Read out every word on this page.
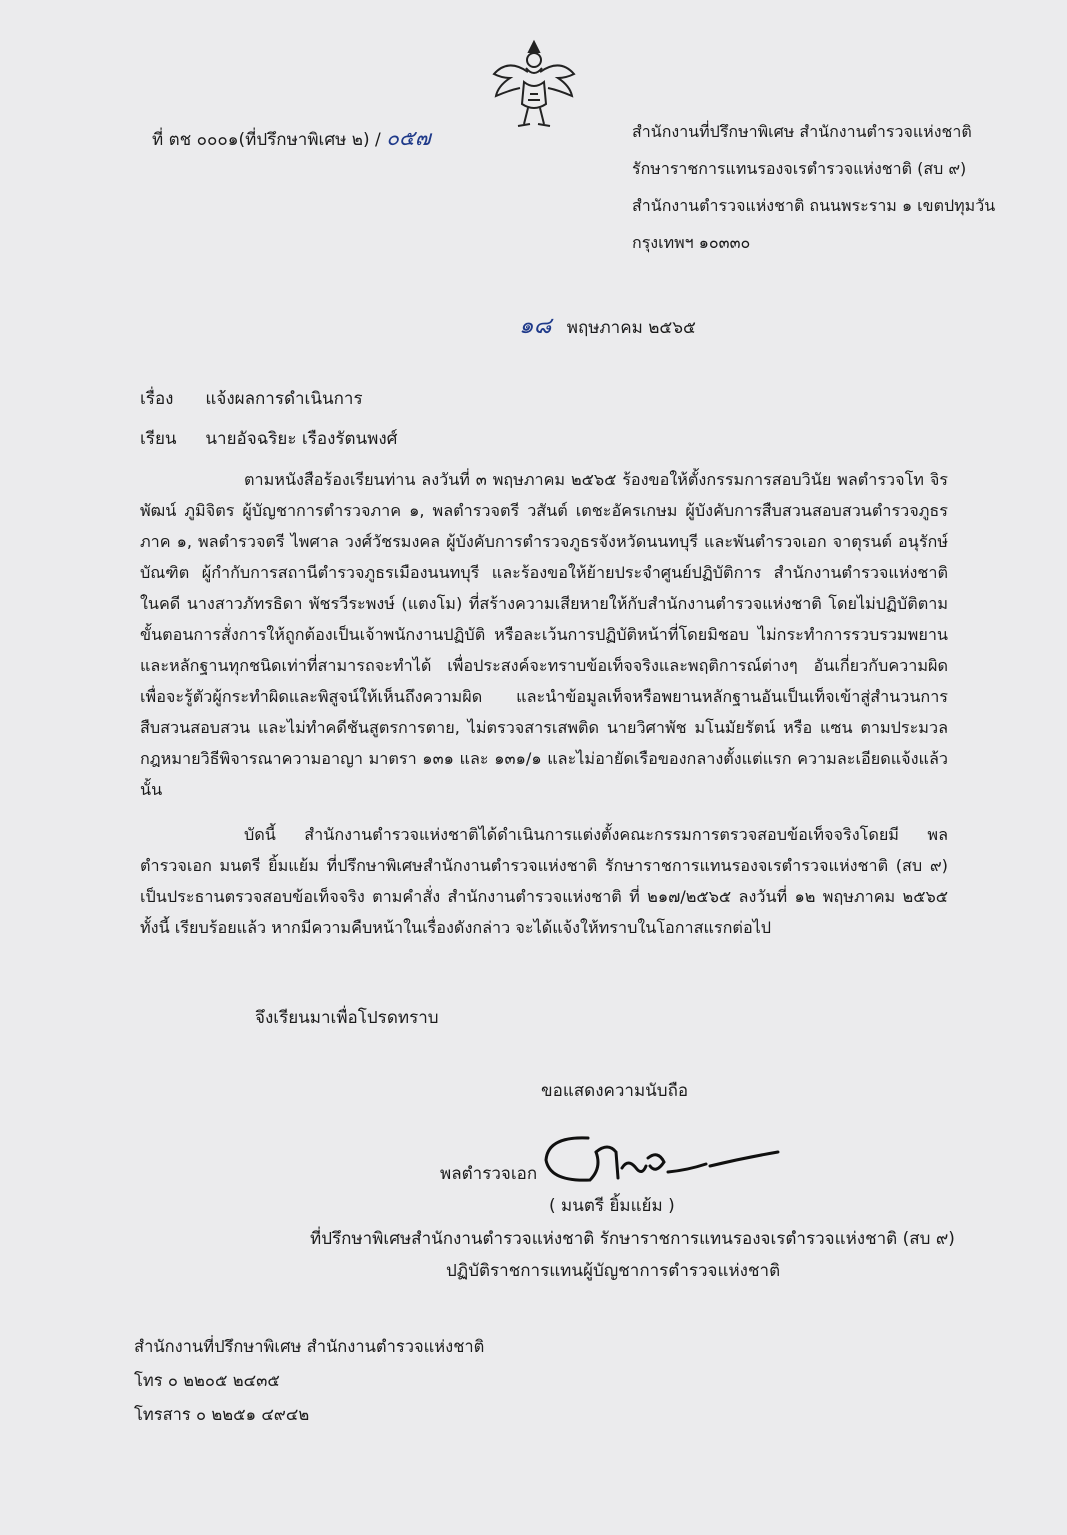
ที่ ตช ๐๐๐๑(ที่ปรึกษาพิเศษ ๒) / ๐๕๗	สำนักงานที่ปรึกษาพิเศษ สำนักงานตำรวจแห่งชาติ
รักษาราชการแทนรองจเรตำรวจแห่งชาติ (สบ ๙)
สำนักงานตำรวจแห่งชาติ ถนนพระราม ๑ เขตปทุมวัน
กรุงเทพฯ ๑๐๓๓๐
๑๘ พฤษภาคม ๒๕๖๕
เรื่อง แจ้งผลการดำเนินการ
เรียน นายอัจฉริยะ เรืองรัตนพงศ์

ตามหนังสือร้องเรียนท่าน ลงวันที่ ๓ พฤษภาคม ๒๕๖๕ ร้องขอให้ตั้งกรรมการสอบวินัย พลตำรวจโท จิรพัฒน์ ภูมิจิตร ผู้บัญชาการตำรวจภาค ๑, พลตำรวจตรี วสันต์ เตชะอัครเกษม ผู้บังคับการสืบสวนสอบสวนตำรวจภูธรภาค ๑, พลตำรวจตรี ไพศาล วงศ์วัชรมงคล ผู้บังคับการตำรวจภูธรจังหวัดนนทบุรี และพันตำรวจเอก จาตุรนต์ อนุรักษ์บัณฑิต ผู้กำกับการสถานีตำรวจภูธรเมืองนนทบุรี และร้องขอให้ย้ายประจำศูนย์ปฏิบัติการ สำนักงานตำรวจแห่งชาติ ในคดี นางสาวภัทรธิดา พัชรวีระพงษ์ (แตงโม) ที่สร้างความเสียหายให้กับสำนักงานตำรวจแห่งชาติ โดยไม่ปฏิบัติตามขั้นตอนการสั่งการให้ถูกต้องเป็นเจ้าพนักงานปฏิบัติ หรือละเว้นการปฏิบัติหน้าที่โดยมิชอบ ไม่กระทำการรวบรวมพยาน และหลักฐานทุกชนิดเท่าที่สามารถจะทำได้ เพื่อประสงค์จะทราบข้อเท็จจริงและพฤติการณ์ต่างๆ อันเกี่ยวกับความผิด เพื่อจะรู้ตัวผู้กระทำผิดและพิสูจน์ให้เห็นถึงความผิด และนำข้อมูลเท็จหรือพยานหลักฐานอันเป็นเท็จเข้าสู่สำนวนการสืบสวนสอบสวน และไม่ทำคดีชันสูตรการตาย, ไม่ตรวจสารเสพติด นายวิศาพัช มโนมัยรัตน์ หรือ แซน ตามประมวลกฎหมายวิธีพิจารณาความอาญา มาตรา ๑๓๑ และ ๑๓๑/๑ และไม่อายัดเรือของกลางตั้งแต่แรก ความละเอียดแจ้งแล้ว นั้น

บัดนี้ สำนักงานตำรวจแห่งชาติได้ดำเนินการแต่งตั้งคณะกรรมการตรวจสอบข้อเท็จจริงโดยมี พลตำรวจเอก มนตรี ยิ้มแย้ม ที่ปรึกษาพิเศษสำนักงานตำรวจแห่งชาติ รักษาราชการแทนรองจเรตำรวจแห่งชาติ (สบ ๙) เป็นประธานตรวจสอบข้อเท็จจริง ตามคำสั่ง สำนักงานตำรวจแห่งชาติ ที่ ๒๑๗/๒๕๖๕ ลงวันที่ ๑๒ พฤษภาคม ๒๕๖๕ ทั้งนี้ เรียบร้อยแล้ว หากมีความคืบหน้าในเรื่องดังกล่าว จะได้แจ้งให้ทราบในโอกาสแรกต่อไป

จึงเรียนมาเพื่อโปรดทราบ
ขอแสดงความนับถือ
พลตำรวจเอก
( มนตรี ยิ้มแย้ม )
ที่ปรึกษาพิเศษสำนักงานตำรวจแห่งชาติ รักษาราชการแทนรองจเรตำรวจแห่งชาติ (สบ ๙)
ปฏิบัติราชการแทนผู้บัญชาการตำรวจแห่งชาติ
สำนักงานที่ปรึกษาพิเศษ สำนักงานตำรวจแห่งชาติ
โทร ๐ ๒๒๐๕ ๒๔๓๕
โทรสาร ๐ ๒๒๕๑ ๔๙๔๒
